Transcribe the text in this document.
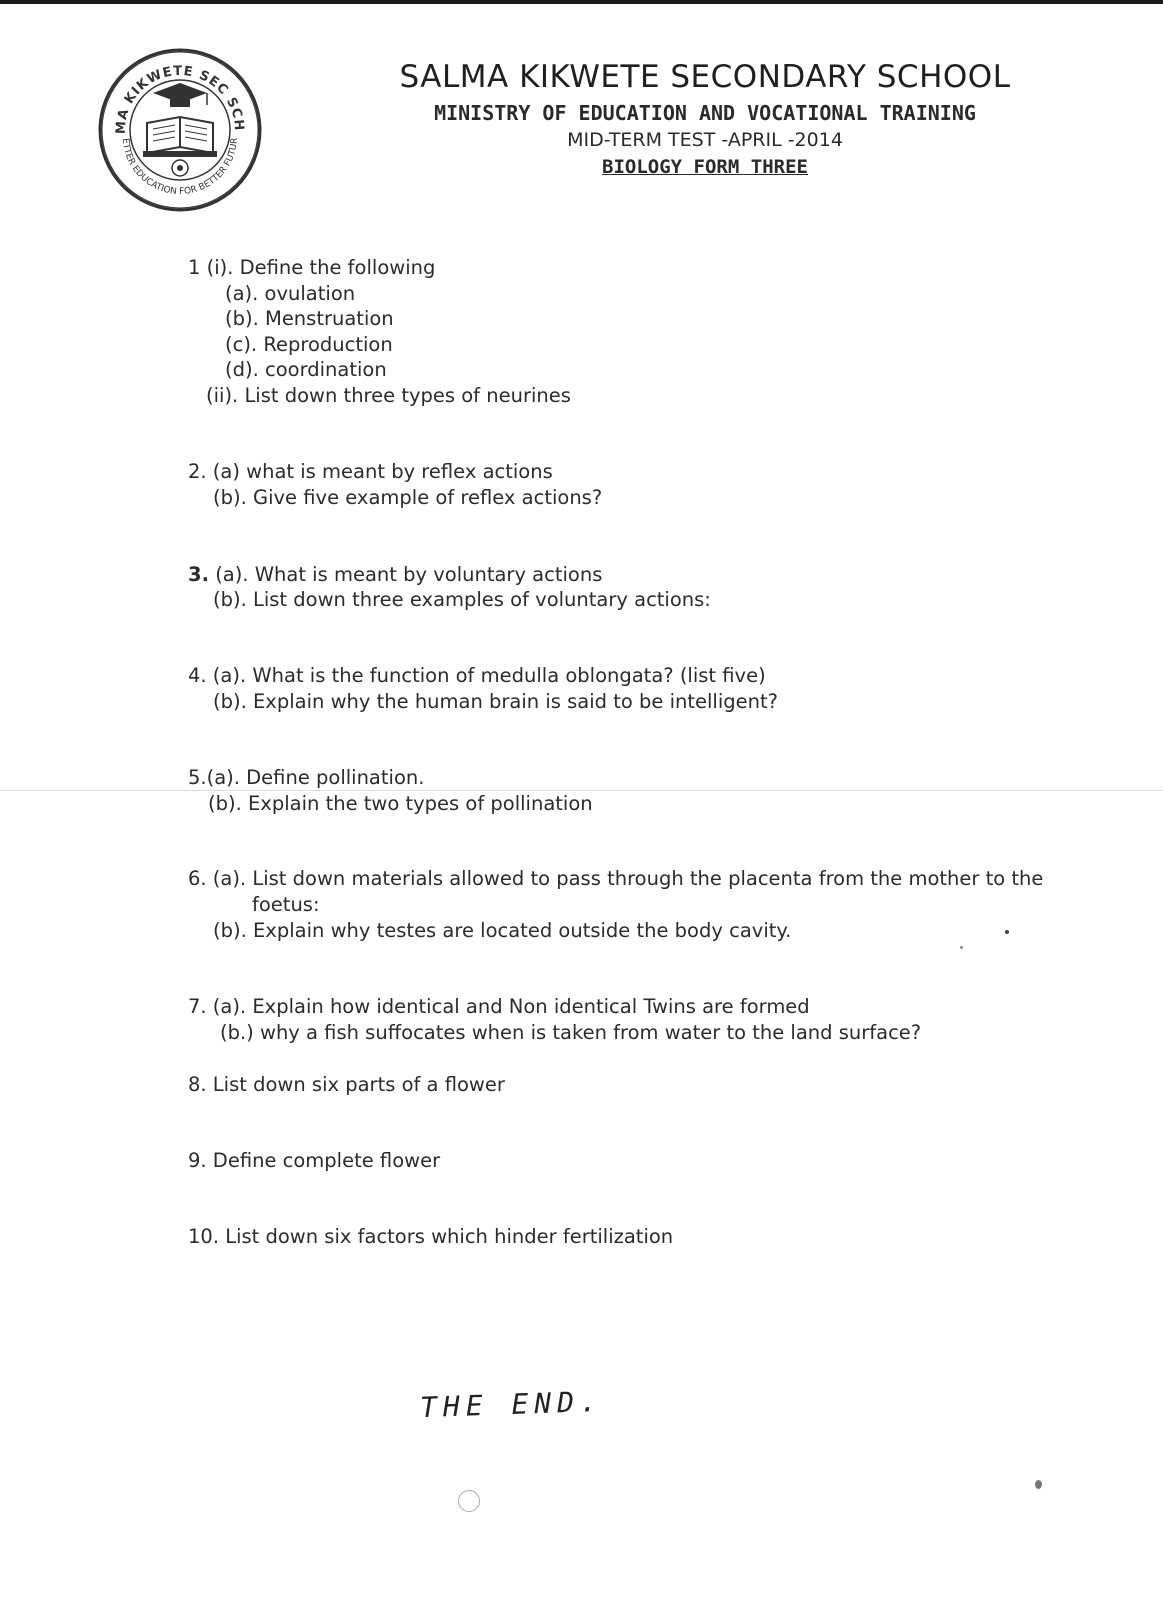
MA KIKWETE SEC SCH
ETTER EDUCATION FOR BETTER FUTUR
SALMA KIKWETE SECONDARY SCHOOL
MINISTRY OF EDUCATION AND VOCATIONAL TRAINING
MID-TERM TEST -APRIL -2014
BIOLOGY FORM THREE
1 (i). Define the following
(a). ovulation
(b). Menstruation
(c). Reproduction
(d). coordination
(ii). List down three types of neurines
2. (a) what is meant by reflex actions
(b). Give five example of reflex actions?
3. (a). What is meant by voluntary actions
(b). List down three examples of voluntary actions:
4. (a). What is the function of medulla oblongata? (list five)
(b). Explain why the human brain is said to be intelligent?
5.(a). Define pollination.
(b). Explain the two types of pollination
6. (a). List down materials allowed to pass through the placenta from the mother to the
foetus:
(b). Explain why testes are located outside the body cavity.
7. (a). Explain how identical and Non identical Twins are formed
(b.) why a fish suffocates when is taken from water to the land surface?
8. List down six parts of a flower
9. Define complete flower
10. List down six factors which hinder fertilization
THE END.
